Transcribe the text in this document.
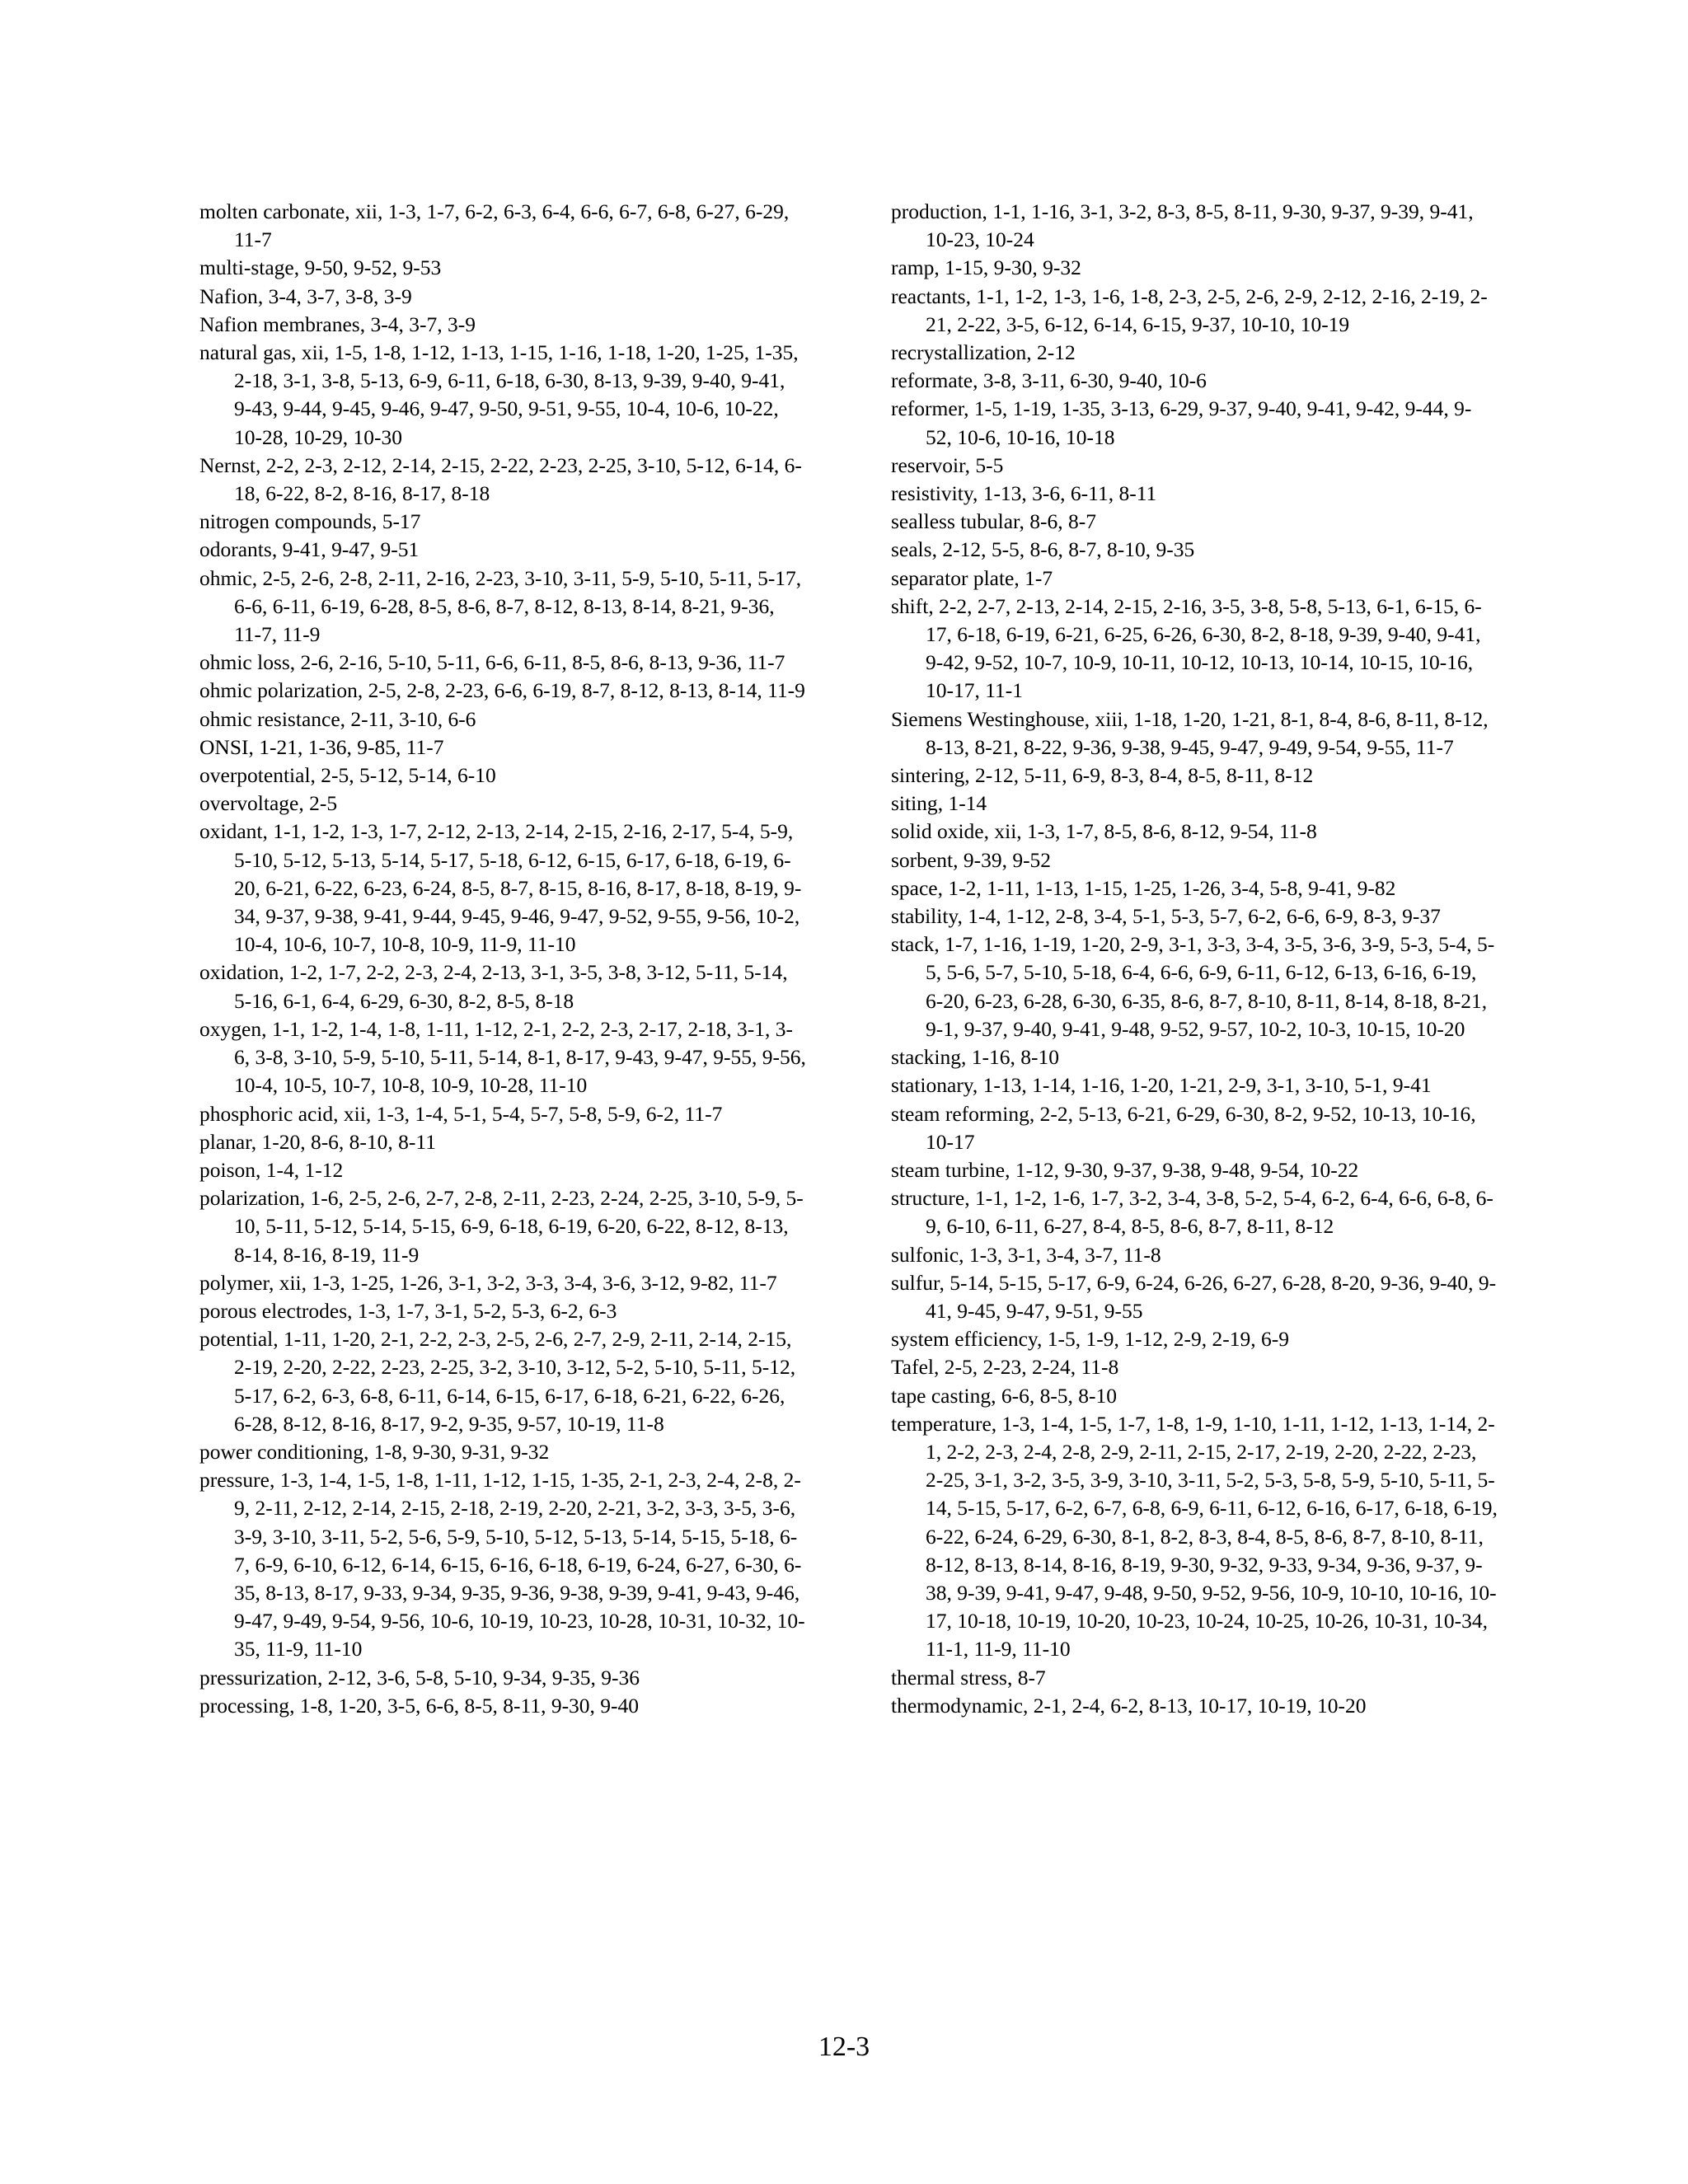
molten carbonate, xii, 1-3, 1-7, 6-2, 6-3, 6-4, 6-6, 6-7, 6-8, 6-27, 6-29, 11-7

multi-stage, 9-50, 9-52, 9-53

Nafion, 3-4, 3-7, 3-8, 3-9

Nafion membranes, 3-4, 3-7, 3-9

natural gas, xii, 1-5, 1-8, 1-12, 1-13, 1-15, 1-16, 1-18, 1-20, 1-25, 1-35, 2-18, 3-1, 3-8, 5-13, 6-9, 6-11, 6-18, 6-30, 8-13, 9-39, 9-40, 9-41, 9-43, 9-44, 9-45, 9-46, 9-47, 9-50, 9-51, 9-55, 10-4, 10-6, 10-22, 10-28, 10-29, 10-30

Nernst, 2-2, 2-3, 2-12, 2-14, 2-15, 2-22, 2-23, 2-25, 3-10, 5-12, 6-14, 6-18, 6-22, 8-2, 8-16, 8-17, 8-18

nitrogen compounds, 5-17

odorants, 9-41, 9-47, 9-51

ohmic, 2-5, 2-6, 2-8, 2-11, 2-16, 2-23, 3-10, 3-11, 5-9, 5-10, 5-11, 5-17, 6-6, 6-11, 6-19, 6-28, 8-5, 8-6, 8-7, 8-12, 8-13, 8-14, 8-21, 9-36, 11-7, 11-9

ohmic loss, 2-6, 2-16, 5-10, 5-11, 6-6, 6-11, 8-5, 8-6, 8-13, 9-36, 11-7

ohmic polarization, 2-5, 2-8, 2-23, 6-6, 6-19, 8-7, 8-12, 8-13, 8-14, 11-9

ohmic resistance, 2-11, 3-10, 6-6

ONSI, 1-21, 1-36, 9-85, 11-7

overpotential, 2-5, 5-12, 5-14, 6-10

overvoltage, 2-5

oxidant, 1-1, 1-2, 1-3, 1-7, 2-12, 2-13, 2-14, 2-15, 2-16, 2-17, 5-4, 5-9, 5-10, 5-12, 5-13, 5-14, 5-17, 5-18, 6-12, 6-15, 6-17, 6-18, 6-19, 6-20, 6-21, 6-22, 6-23, 6-24, 8-5, 8-7, 8-15, 8-16, 8-17, 8-18, 8-19, 9-34, 9-37, 9-38, 9-41, 9-44, 9-45, 9-46, 9-47, 9-52, 9-55, 9-56, 10-2, 10-4, 10-6, 10-7, 10-8, 10-9, 11-9, 11-10

oxidation, 1-2, 1-7, 2-2, 2-3, 2-4, 2-13, 3-1, 3-5, 3-8, 3-12, 5-11, 5-14, 5-16, 6-1, 6-4, 6-29, 6-30, 8-2, 8-5, 8-18

oxygen, 1-1, 1-2, 1-4, 1-8, 1-11, 1-12, 2-1, 2-2, 2-3, 2-17, 2-18, 3-1, 3-6, 3-8, 3-10, 5-9, 5-10, 5-11, 5-14, 8-1, 8-17, 9-43, 9-47, 9-55, 9-56, 10-4, 10-5, 10-7, 10-8, 10-9, 10-28, 11-10

phosphoric acid, xii, 1-3, 1-4, 5-1, 5-4, 5-7, 5-8, 5-9, 6-2, 11-7

planar, 1-20, 8-6, 8-10, 8-11

poison, 1-4, 1-12

polarization, 1-6, 2-5, 2-6, 2-7, 2-8, 2-11, 2-23, 2-24, 2-25, 3-10, 5-9, 5-10, 5-11, 5-12, 5-14, 5-15, 6-9, 6-18, 6-19, 6-20, 6-22, 8-12, 8-13, 8-14, 8-16, 8-19, 11-9

polymer, xii, 1-3, 1-25, 1-26, 3-1, 3-2, 3-3, 3-4, 3-6, 3-12, 9-82, 11-7

porous electrodes, 1-3, 1-7, 3-1, 5-2, 5-3, 6-2, 6-3

potential, 1-11, 1-20, 2-1, 2-2, 2-3, 2-5, 2-6, 2-7, 2-9, 2-11, 2-14, 2-15, 2-19, 2-20, 2-22, 2-23, 2-25, 3-2, 3-10, 3-12, 5-2, 5-10, 5-11, 5-12, 5-17, 6-2, 6-3, 6-8, 6-11, 6-14, 6-15, 6-17, 6-18, 6-21, 6-22, 6-26, 6-28, 8-12, 8-16, 8-17, 9-2, 9-35, 9-57, 10-19, 11-8

power conditioning, 1-8, 9-30, 9-31, 9-32

pressure, 1-3, 1-4, 1-5, 1-8, 1-11, 1-12, 1-15, 1-35, 2-1, 2-3, 2-4, 2-8, 2-9, 2-11, 2-12, 2-14, 2-15, 2-18, 2-19, 2-20, 2-21, 3-2, 3-3, 3-5, 3-6, 3-9, 3-10, 3-11, 5-2, 5-6, 5-9, 5-10, 5-12, 5-13, 5-14, 5-15, 5-18, 6-7, 6-9, 6-10, 6-12, 6-14, 6-15, 6-16, 6-18, 6-19, 6-24, 6-27, 6-30, 6-35, 8-13, 8-17, 9-33, 9-34, 9-35, 9-36, 9-38, 9-39, 9-41, 9-43, 9-46, 9-47, 9-49, 9-54, 9-56, 10-6, 10-19, 10-23, 10-28, 10-31, 10-32, 10-35, 11-9, 11-10

pressurization, 2-12, 3-6, 5-8, 5-10, 9-34, 9-35, 9-36

processing, 1-8, 1-20, 3-5, 6-6, 8-5, 8-11, 9-30, 9-40

production, 1-1, 1-16, 3-1, 3-2, 8-3, 8-5, 8-11, 9-30, 9-37, 9-39, 9-41, 10-23, 10-24

ramp, 1-15, 9-30, 9-32

reactants, 1-1, 1-2, 1-3, 1-6, 1-8, 2-3, 2-5, 2-6, 2-9, 2-12, 2-16, 2-19, 2-21, 2-22, 3-5, 6-12, 6-14, 6-15, 9-37, 10-10, 10-19

recrystallization, 2-12

reformate, 3-8, 3-11, 6-30, 9-40, 10-6

reformer, 1-5, 1-19, 1-35, 3-13, 6-29, 9-37, 9-40, 9-41, 9-42, 9-44, 9-52, 10-6, 10-16, 10-18

reservoir, 5-5

resistivity, 1-13, 3-6, 6-11, 8-11

sealless tubular, 8-6, 8-7

seals, 2-12, 5-5, 8-6, 8-7, 8-10, 9-35

separator plate, 1-7

shift, 2-2, 2-7, 2-13, 2-14, 2-15, 2-16, 3-5, 3-8, 5-8, 5-13, 6-1, 6-15, 6-17, 6-18, 6-19, 6-21, 6-25, 6-26, 6-30, 8-2, 8-18, 9-39, 9-40, 9-41, 9-42, 9-52, 10-7, 10-9, 10-11, 10-12, 10-13, 10-14, 10-15, 10-16, 10-17, 11-1

Siemens Westinghouse, xiii, 1-18, 1-20, 1-21, 8-1, 8-4, 8-6, 8-11, 8-12, 8-13, 8-21, 8-22, 9-36, 9-38, 9-45, 9-47, 9-49, 9-54, 9-55, 11-7

sintering, 2-12, 5-11, 6-9, 8-3, 8-4, 8-5, 8-11, 8-12

siting, 1-14

solid oxide, xii, 1-3, 1-7, 8-5, 8-6, 8-12, 9-54, 11-8

sorbent, 9-39, 9-52

space, 1-2, 1-11, 1-13, 1-15, 1-25, 1-26, 3-4, 5-8, 9-41, 9-82

stability, 1-4, 1-12, 2-8, 3-4, 5-1, 5-3, 5-7, 6-2, 6-6, 6-9, 8-3, 9-37

stack, 1-7, 1-16, 1-19, 1-20, 2-9, 3-1, 3-3, 3-4, 3-5, 3-6, 3-9, 5-3, 5-4, 5-5, 5-6, 5-7, 5-10, 5-18, 6-4, 6-6, 6-9, 6-11, 6-12, 6-13, 6-16, 6-19, 6-20, 6-23, 6-28, 6-30, 6-35, 8-6, 8-7, 8-10, 8-11, 8-14, 8-18, 8-21, 9-1, 9-37, 9-40, 9-41, 9-48, 9-52, 9-57, 10-2, 10-3, 10-15, 10-20

stacking, 1-16, 8-10

stationary, 1-13, 1-14, 1-16, 1-20, 1-21, 2-9, 3-1, 3-10, 5-1, 9-41

steam reforming, 2-2, 5-13, 6-21, 6-29, 6-30, 8-2, 9-52, 10-13, 10-16, 10-17

steam turbine, 1-12, 9-30, 9-37, 9-38, 9-48, 9-54, 10-22

structure, 1-1, 1-2, 1-6, 1-7, 3-2, 3-4, 3-8, 5-2, 5-4, 6-2, 6-4, 6-6, 6-8, 6-9, 6-10, 6-11, 6-27, 8-4, 8-5, 8-6, 8-7, 8-11, 8-12

sulfonic, 1-3, 3-1, 3-4, 3-7, 11-8

sulfur, 5-14, 5-15, 5-17, 6-9, 6-24, 6-26, 6-27, 6-28, 8-20, 9-36, 9-40, 9-41, 9-45, 9-47, 9-51, 9-55

system efficiency, 1-5, 1-9, 1-12, 2-9, 2-19, 6-9

Tafel, 2-5, 2-23, 2-24, 11-8

tape casting, 6-6, 8-5, 8-10

temperature, 1-3, 1-4, 1-5, 1-7, 1-8, 1-9, 1-10, 1-11, 1-12, 1-13, 1-14, 2-1, 2-2, 2-3, 2-4, 2-8, 2-9, 2-11, 2-15, 2-17, 2-19, 2-20, 2-22, 2-23, 2-25, 3-1, 3-2, 3-5, 3-9, 3-10, 3-11, 5-2, 5-3, 5-8, 5-9, 5-10, 5-11, 5-14, 5-15, 5-17, 6-2, 6-7, 6-8, 6-9, 6-11, 6-12, 6-16, 6-17, 6-18, 6-19, 6-22, 6-24, 6-29, 6-30, 8-1, 8-2, 8-3, 8-4, 8-5, 8-6, 8-7, 8-10, 8-11, 8-12, 8-13, 8-14, 8-16, 8-19, 9-30, 9-32, 9-33, 9-34, 9-36, 9-37, 9-38, 9-39, 9-41, 9-47, 9-48, 9-50, 9-52, 9-56, 10-9, 10-10, 10-16, 10-17, 10-18, 10-19, 10-20, 10-23, 10-24, 10-25, 10-26, 10-31, 10-34, 11-1, 11-9, 11-10

thermal stress, 8-7

thermodynamic, 2-1, 2-4, 6-2, 8-13, 10-17, 10-19, 10-20

12-3
